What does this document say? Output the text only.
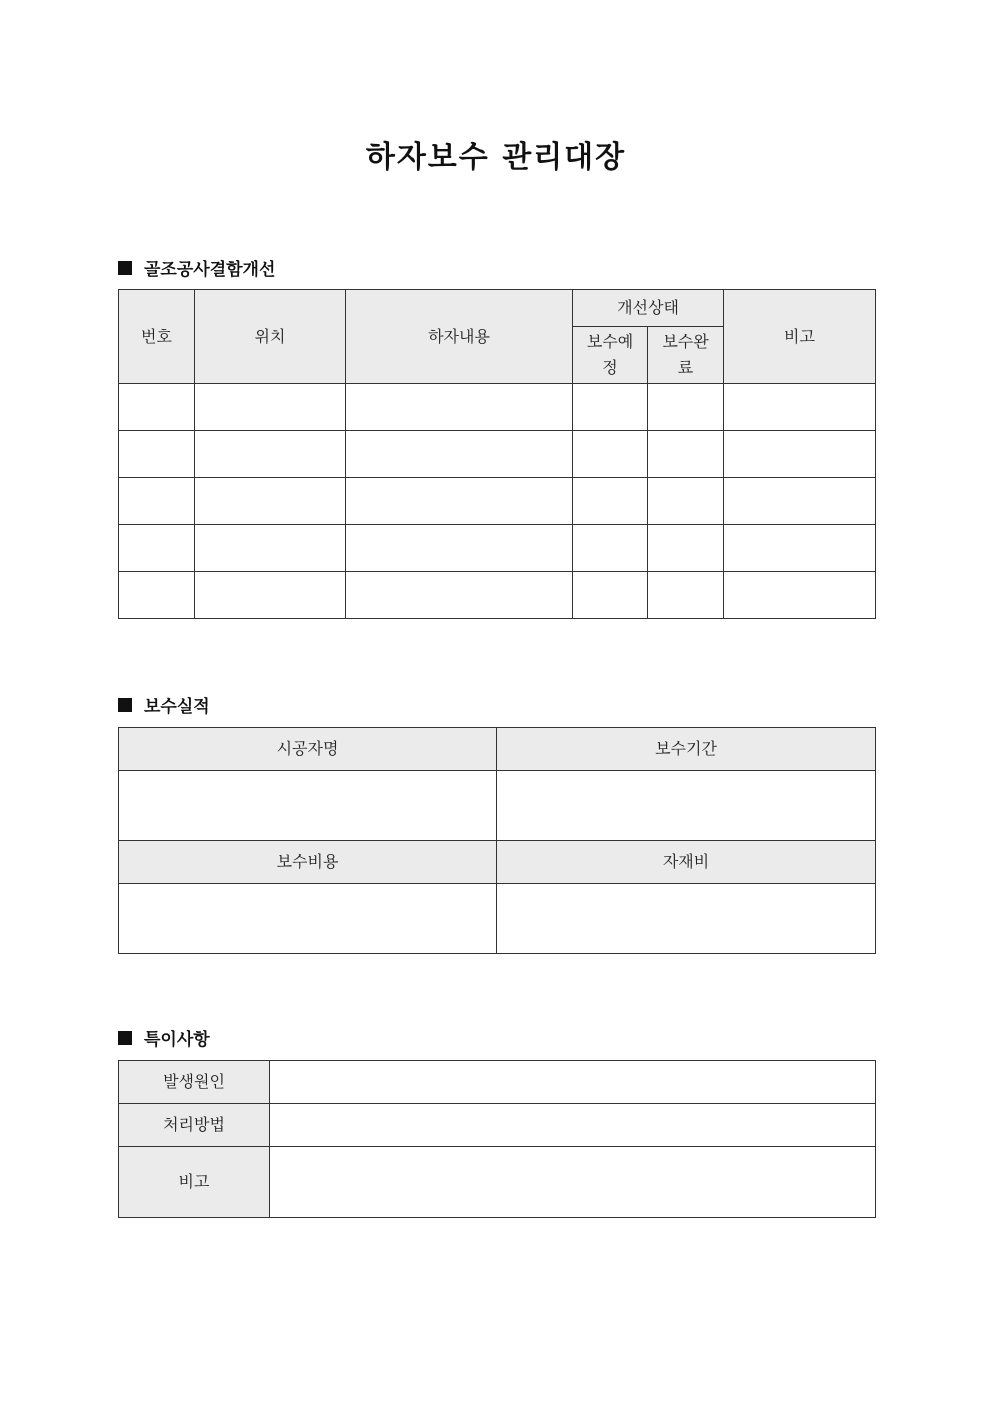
하자보수 관리대장
골조공사결함개선
번호	위치	하자내용	개선상태		비고
			보수예정	보수완료	

보수실적
시공자명	보수기간

보수비용	자재비

특이사항
발생원인	
처리방법	
비고	
